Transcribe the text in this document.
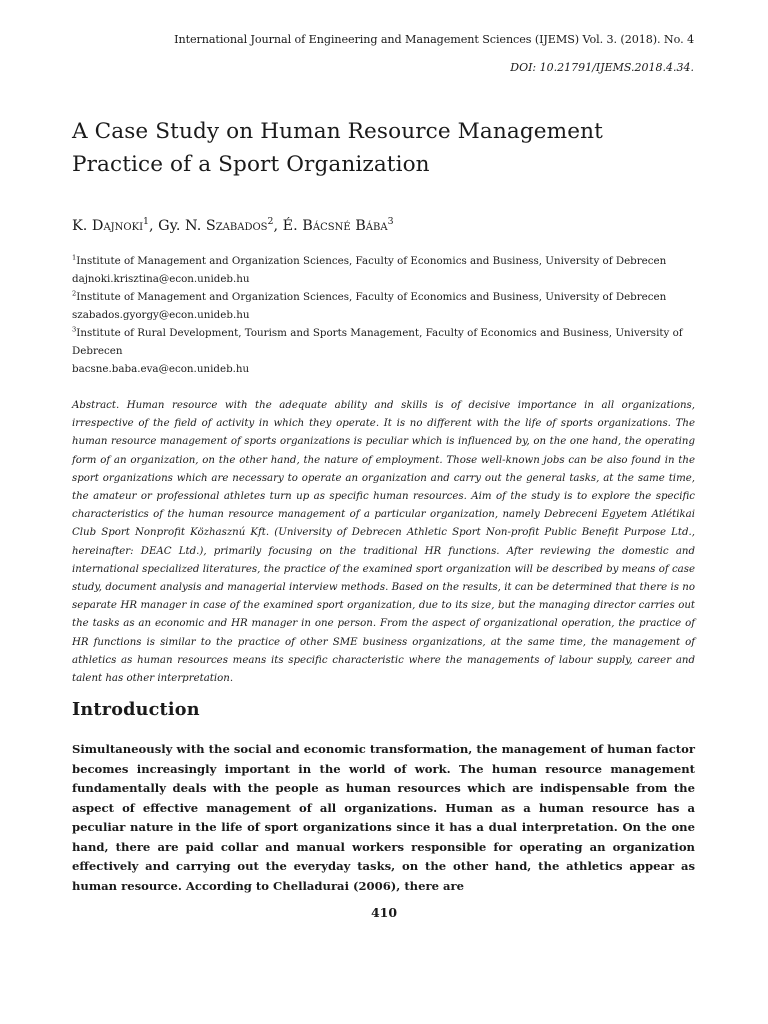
International Journal of Engineering and Management Sciences (IJEMS) Vol. 3. (2018). No. 4
DOI: 10.21791/IJEMS.2018.4.34.
A Case Study on Human Resource Management
Practice of a Sport Organization
K. Dajnoki$^1$, Gy. N. Szabados$^2$, É. Bácsné Bába$^3$
$^1$Institute of Management and Organization Sciences, Faculty of Economics and Business, University of Debrecen
dajnoki.krisztina@econ.unideb.hu
$^2$Institute of Management and Organization Sciences, Faculty of Economics and Business, University of Debrecen
szabados.gyorgy@econ.unideb.hu
$^3$Institute of Rural Development, Tourism and Sports Management, Faculty of Economics and Business, University of Debrecen
bacsne.baba.eva@econ.unideb.hu

Abstract. Human resource with the adequate ability and skills is of decisive importance in all organizations, irrespective of the field of activity in which they operate. It is no different with the life of sports organizations. The human resource management of sports organizations is peculiar which is influenced by, on the one hand, the operating form of an organization, on the other hand, the nature of employment. Those well-known jobs can be also found in the sport organizations which are necessary to operate an organization and carry out the general tasks, at the same time, the amateur or professional athletes turn up as specific human resources. Aim of the study is to explore the specific characteristics of the human resource management of a particular organization, namely Debreceni Egyetem Atlétikai Club Sport Nonprofit Közhasznú Kft. (University of Debrecen Athletic Sport Non-profit Public Benefit Purpose Ltd., hereinafter: DEAC Ltd.), primarily focusing on the traditional HR functions. After reviewing the domestic and international specialized literatures, the practice of the examined sport organization will be described by means of case study, document analysis and managerial interview methods. Based on the results, it can be determined that there is no separate HR manager in case of the examined sport organization, due to its size, but the managing director carries out the tasks as an economic and HR manager in one person. From the aspect of organizational operation, the practice of HR functions is similar to the practice of other SME business organizations, at the same time, the management of athletics as human resources means its specific characteristic where the managements of labour supply, career and talent has other interpretation.

Introduction

Simultaneously with the social and economic transformation, the management of human factor becomes increasingly important in the world of work. The human resource management fundamentally deals with the people as human resources which are indispensable from the aspect of effective management of all organizations. Human as a human resource has a peculiar nature in the life of sport organizations since it has a dual interpretation. On the one hand, there are paid collar and manual workers responsible for operating an organization effectively and carrying out the everyday tasks, on the other hand, the athletics appear as human resource. According to Chelladurai (2006), there are

410
